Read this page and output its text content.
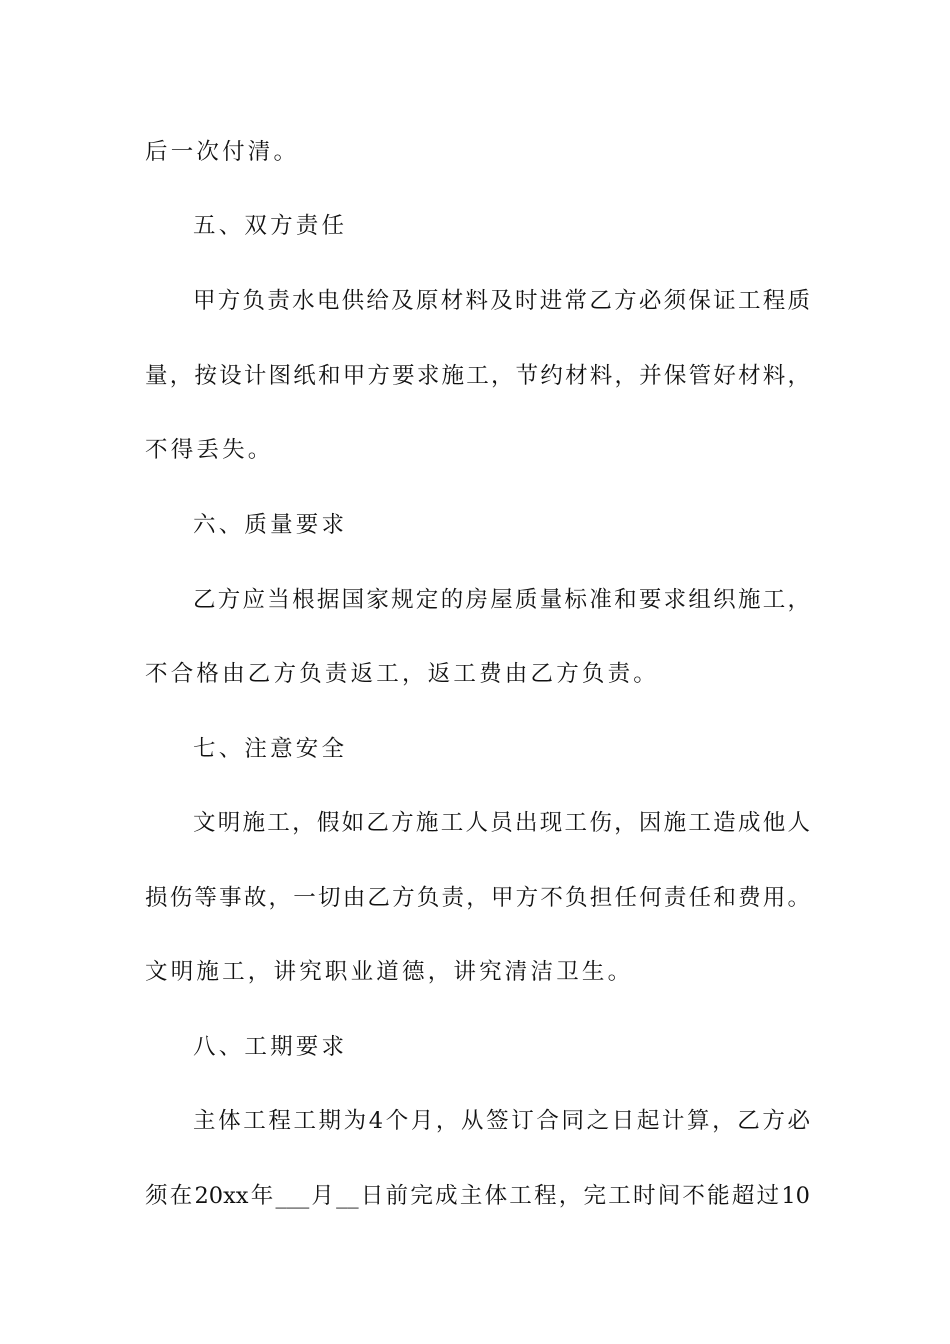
后一次付清。
五、双方责任
甲方负责水电供给及原材料及时进常乙方必须保证工程质
量，按设计图纸和甲方要求施工，节约材料，并保管好材料，
不得丢失。
六、质量要求
乙方应当根据国家规定的房屋质量标准和要求组织施工，
不合格由乙方负责返工，返工费由乙方负责。
七、注意安全
文明施工，假如乙方施工人员出现工伤，因施工造成他人
损伤等事故，一切由乙方负责，甲方不负担任何责任和费用。
文明施工，讲究职业道德，讲究清洁卫生。
八、工期要求
主体工程工期为4个月，从签订合同之日起计算，乙方必
须在20xx年___月__日前完成主体工程，完工时间不能超过10
